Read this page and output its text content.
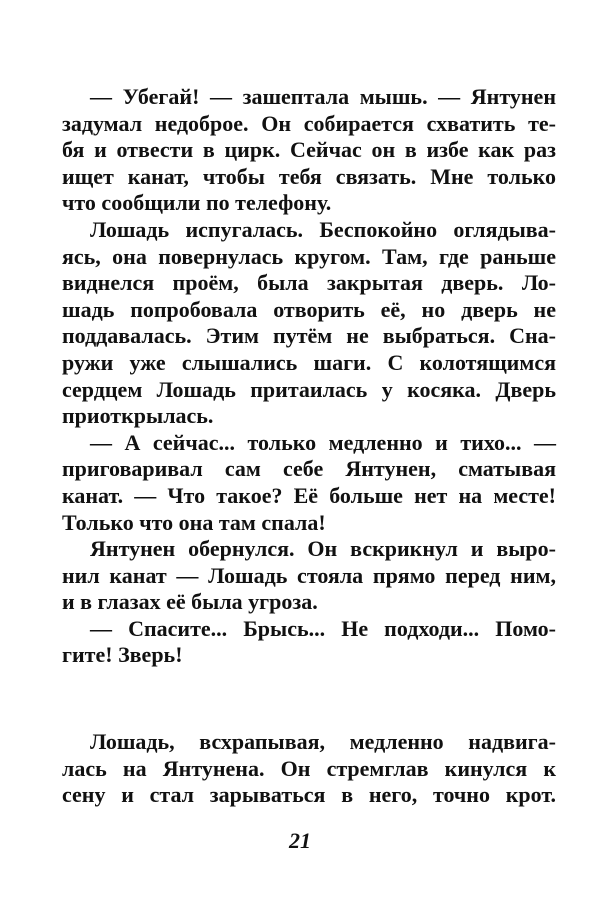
— Убегай! — зашептала мышь. — Янтунен
задумал недоброе. Он собирается схватить те-
бя и отвести в цирк. Сейчас он в избе как раз
ищет канат, чтобы тебя связать. Мне только
что сообщили по телефону.
Лошадь испугалась. Беспокойно оглядыва-
ясь, она повернулась кругом. Там, где раньше
виднелся проём, была закрытая дверь. Ло-
шадь попробовала отворить её, но дверь не
поддавалась. Этим путём не выбраться. Сна-
ружи уже слышались шаги. С колотящимся
сердцем Лошадь притаилась у косяка. Дверь
приоткрылась.
— А сейчас... только медленно и тихо... —
приговаривал сам себе Янтунен, сматывая
канат. — Что такое? Её больше нет на месте!
Только что она там спала!
Янтунен обернулся. Он вскрикнул и выро-
нил канат — Лошадь стояла прямо перед ним,
и в глазах её была угроза.
— Спасите... Брысь... Не подходи... Помо-
гите! Зверь!
Лошадь, всхрапывая, медленно надвига-
лась на Янтунена. Он стремглав кинулся к
сену и стал зарываться в него, точно крот.
21
